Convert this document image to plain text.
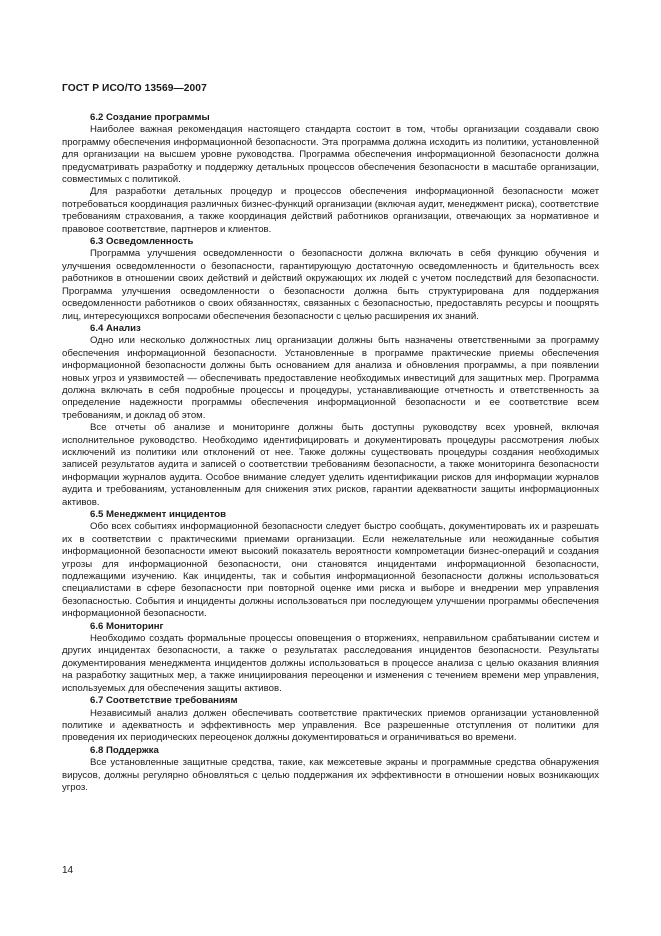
ГОСТ Р ИСО/ТО 13569—2007

6.2 Создание программы

Наиболее важная рекомендация настоящего стандарта состоит в том, чтобы организации создавали свою программу обеспечения информационной безопасности. Эта программа должна исходить из политики, установленной для организации на высшем уровне руководства. Программа обеспечения информационной безопасности должна предусматривать разработку и поддержку детальных процессов обеспечения безопасности в масштабе организации, совместимых с политикой.

Для разработки детальных процедур и процессов обеспечения информационной безопасности может потребоваться координация различных бизнес-функций организации (включая аудит, менеджмент риска), соответствие требованиям страхования, а также координация действий работников организации, отвечающих за нормативное и правовое соответствие, партнеров и клиентов.

6.3 Осведомленность

Программа улучшения осведомленности о безопасности должна включать в себя функцию обучения и улучшения осведомленности о безопасности, гарантирующую достаточную осведомленность и бдительность всех работников в отношении своих действий и действий окружающих их людей с учетом последствий для безопасности. Программа улучшения осведомленности о безопасности должна быть структурирована для поддержания осведомленности работников о своих обязанностях, связанных с безопасностью, предоставлять ресурсы и поощрять лиц, интересующихся вопросами обеспечения безопасности с целью расширения их знаний.

6.4 Анализ

Одно или несколько должностных лиц организации должны быть назначены ответственными за программу обеспечения информационной безопасности. Установленные в программе практические приемы обеспечения информационной безопасности должны быть основанием для анализа и обновления программы, а при появлении новых угроз и уязвимостей — обеспечивать предоставление необходимых инвестиций для защитных мер. Программа должна включать в себя подробные процессы и процедуры, устанавливающие отчетность и ответственность за определение надежности программы обеспечения информационной безопасности и ее соответствие всем требованиям, и доклад об этом.

Все отчеты об анализе и мониторинге должны быть доступны руководству всех уровней, включая исполнительное руководство. Необходимо идентифицировать и документировать процедуры рассмотрения любых исключений из политики или отклонений от нее. Также должны существовать процедуры создания необходимых записей результатов аудита и записей о соответствии требованиям безопасности, а также мониторинга безопасности информации журналов аудита. Особое внимание следует уделить идентификации рисков для информации журналов аудита и требованиям, установленным для снижения этих рисков, гарантии адекватности защиты информационных активов.

6.5 Менеджмент инцидентов

Обо всех событиях информационной безопасности следует быстро сообщать, документировать их и разрешать их в соответствии с практическими приемами организации. Если нежелательные или неожиданные события информационной безопасности имеют высокий показатель вероятности компрометации бизнес-операций и создания угрозы для информационной безопасности, они становятся инцидентами информационной безопасности, подлежащими изучению. Как инциденты, так и события информационной безопасности должны использоваться специалистами в сфере безопасности при повторной оценке ими риска и выборе и внедрении мер управления безопасностью. События и инциденты должны использоваться при последующем улучшении программы обеспечения информационной безопасности.

6.6 Мониторинг

Необходимо создать формальные процессы оповещения о вторжениях, неправильном срабатывании систем и других инцидентах безопасности, а также о результатах расследования инцидентов безопасности. Результаты документирования менеджмента инцидентов должны использоваться в процессе анализа с целью оказания влияния на разработку защитных мер, а также инициирования переоценки и изменения с течением времени мер управления, используемых для обеспечения защиты активов.

6.7 Соответствие требованиям

Независимый анализ должен обеспечивать соответствие практических приемов организации установленной политике и адекватность и эффективность мер управления. Все разрешенные отступления от политики для проведения их периодических переоценок должны документироваться и ограничиваться во времени.

6.8 Поддержка

Все установленные защитные средства, такие, как межсетевые экраны и программные средства обнаружения вирусов, должны регулярно обновляться с целью поддержания их эффективности в отношении новых возникающих угроз.

14
